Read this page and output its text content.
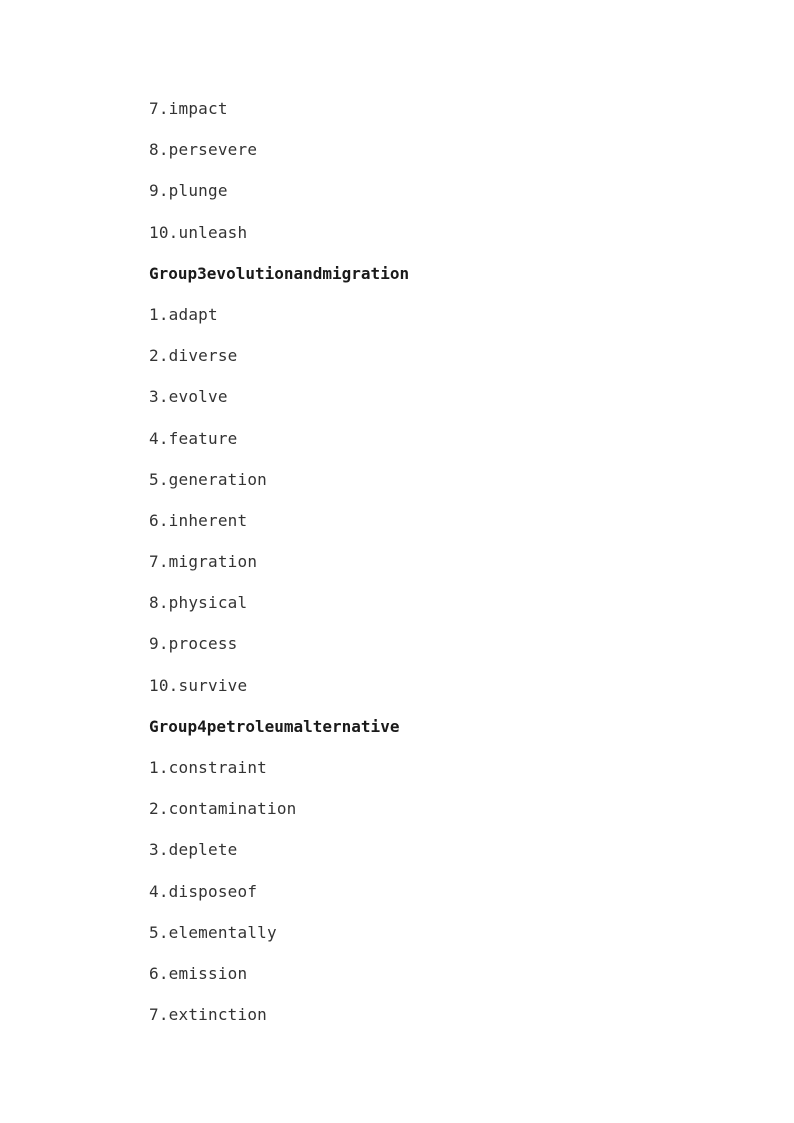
7.impact
8.persevere
9.plunge
10.unleash
Group3evolutionandmigration
1.adapt
2.diverse
3.evolve
4.feature
5.generation
6.inherent
7.migration
8.physical
9.process
10.survive
Group4petroleumalternative
1.constraint
2.contamination
3.deplete
4.disposeof
5.elementally
6.emission
7.extinction
